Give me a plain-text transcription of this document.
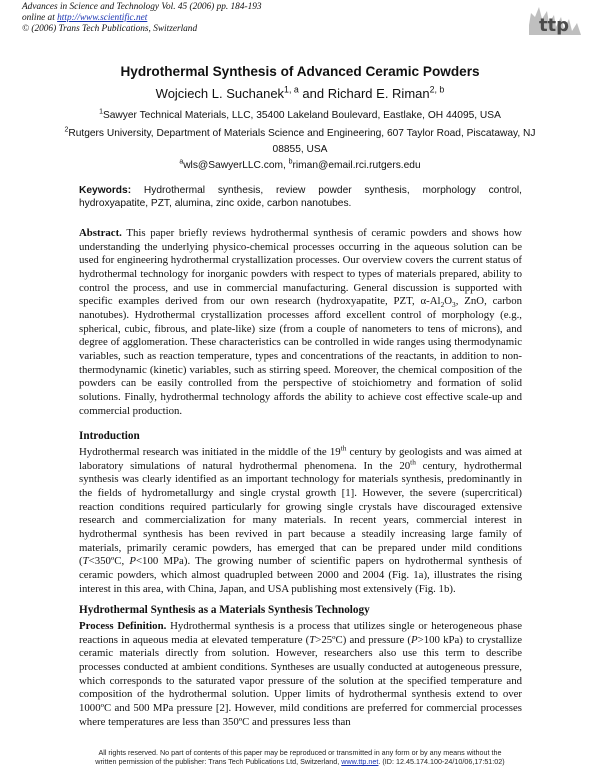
Advances in Science and Technology Vol. 45 (2006) pp. 184-193
online at http://www.scientific.net
© (2006) Trans Tech Publications, Switzerland	ttp
Hydrothermal Synthesis of Advanced Ceramic Powders
Wojciech L. Suchanek$^{1, a}$ and Richard E. Riman$^{2, b}$
$^1$Sawyer Technical Materials, LLC, 35400 Lakeland Boulevard, Eastlake, OH 44095, USA
$^2$Rutgers University, Department of Materials Science and Engineering, 607 Taylor Road, Piscataway, NJ 08855, USA
$^a$wls@SawyerLLC.com, $^b$riman@email.rci.rutgers.edu
Keywords: Hydrothermal synthesis, review powder synthesis, morphology control, hydroxyapatite, PZT, alumina, zinc oxide, carbon nanotubes.
Abstract. This paper briefly reviews hydrothermal synthesis of ceramic powders and shows how understanding the underlying physico-chemical processes occurring in the aqueous solution can be used for engineering hydrothermal crystallization processes. Our overview covers the current status of hydrothermal technology for inorganic powders with respect to types of materials prepared, ability to control the process, and use in commercial manufacturing. General discussion is supported with specific examples derived from our own research (hydroxyapatite, PZT, $\alpha-Al_2O_3$, ZnO, carbon nanotubes). Hydrothermal crystallization processes afford excellent control of morphology (e.g., spherical, cubic, fibrous, and plate-like) size (from a couple of nanometers to tens of microns), and degree of agglomeration. These characteristics can be controlled in wide ranges using thermodynamic variables, such as reaction temperature, types and concentrations of the reactants, in addition to non-thermodynamic (kinetic) variables, such as stirring speed. Moreover, the chemical composition of the powders can be easily controlled from the perspective of stoichiometry and formation of solid solutions. Finally, hydrothermal technology affords the ability to achieve cost effective scale-up and commercial production.
Introduction
Hydrothermal research was initiated in the middle of the 19th century by geologists and was aimed at laboratory simulations of natural hydrothermal phenomena. In the 20th century, hydrothermal synthesis was clearly identified as an important technology for materials synthesis, predominantly in the fields of hydrometallurgy and single crystal growth [1]. However, the severe (supercritical) reaction conditions required particularly for growing single crystals have discouraged extensive research and commercialization for many materials. In recent years, commercial interest in hydrothermal synthesis has been revived in part because a steadily increasing large family of materials, primarily ceramic powders, has emerged that can be prepared under mild conditions (T<350ºC, P<100 MPa). The growing number of scientific papers on hydrothermal synthesis of ceramic powders, which almost quadrupled between 2000 and 2004 (Fig. 1a), illustrates the rising interest in this area, with China, Japan, and USA publishing most extensively (Fig. 1b).
Hydrothermal Synthesis as a Materials Synthesis Technology
Process Definition. Hydrothermal synthesis is a process that utilizes single or heterogeneous phase reactions in aqueous media at elevated temperature (T>25ºC) and pressure (P>100 kPa) to crystallize ceramic materials directly from solution. However, researchers also use this term to describe processes conducted at ambient conditions. Syntheses are usually conducted at autogeneous pressure, which corresponds to the saturated vapor pressure of the solution at the specified temperature and composition of the hydrothermal solution. Upper limits of hydrothermal synthesis extend to over 1000ºC and 500 MPa pressure [2]. However, mild conditions are preferred for commercial processes where temperatures are less than 350ºC and pressures less than
All rights reserved. No part of contents of this paper may be reproduced or transmitted in any form or by any means without the
written permission of the publisher: Trans Tech Publications Ltd, Switzerland, www.ttp.net. (ID: 12.45.174.100-24/10/06,17:51:02)
